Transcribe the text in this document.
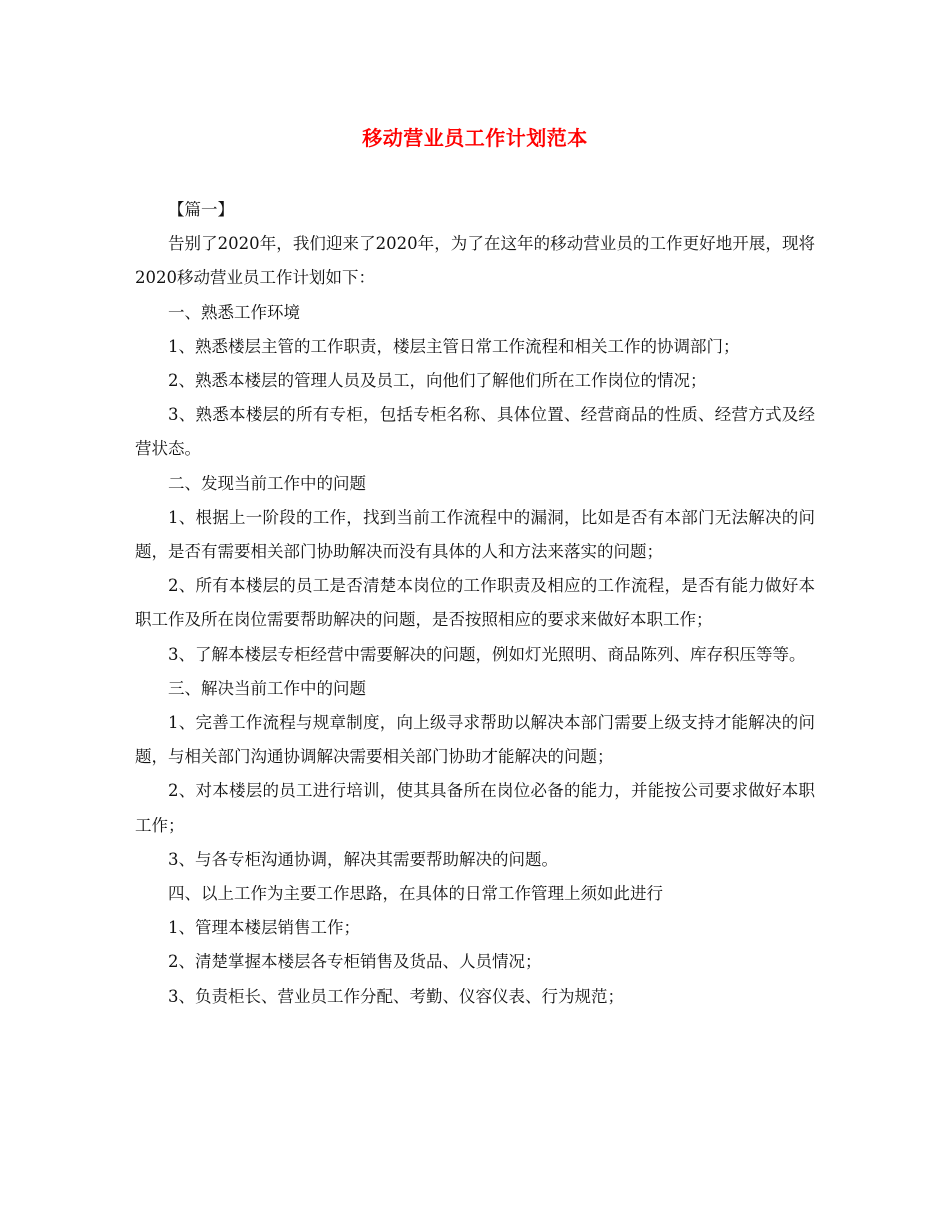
移动营业员工作计划范本

【篇一】

告别了2020年，我们迎来了2020年，为了在这年的移动营业员的工作更好地开展，现将2020移动营业员工作计划如下：

一、熟悉工作环境

1、熟悉楼层主管的工作职责，楼层主管日常工作流程和相关工作的协调部门；

2、熟悉本楼层的管理人员及员工，向他们了解他们所在工作岗位的情况；

3、熟悉本楼层的所有专柜，包括专柜名称、具体位置、经营商品的性质、经营方式及经营状态。

二、发现当前工作中的问题

1、根据上一阶段的工作，找到当前工作流程中的漏洞，比如是否有本部门无法解决的问题，是否有需要相关部门协助解决而没有具体的人和方法来落实的问题；

2、所有本楼层的员工是否清楚本岗位的工作职责及相应的工作流程，是否有能力做好本职工作及所在岗位需要帮助解决的问题，是否按照相应的要求来做好本职工作；

3、了解本楼层专柜经营中需要解决的问题，例如灯光照明、商品陈列、库存积压等等。

三、解决当前工作中的问题

1、完善工作流程与规章制度，向上级寻求帮助以解决本部门需要上级支持才能解决的问题，与相关部门沟通协调解决需要相关部门协助才能解决的问题；

2、对本楼层的员工进行培训，使其具备所在岗位必备的能力，并能按公司要求做好本职工作；

3、与各专柜沟通协调，解决其需要帮助解决的问题。

四、以上工作为主要工作思路，在具体的日常工作管理上须如此进行

1、管理本楼层销售工作；

2、清楚掌握本楼层各专柜销售及货品、人员情况；

3、负责柜长、营业员工作分配、考勤、仪容仪表、行为规范；
